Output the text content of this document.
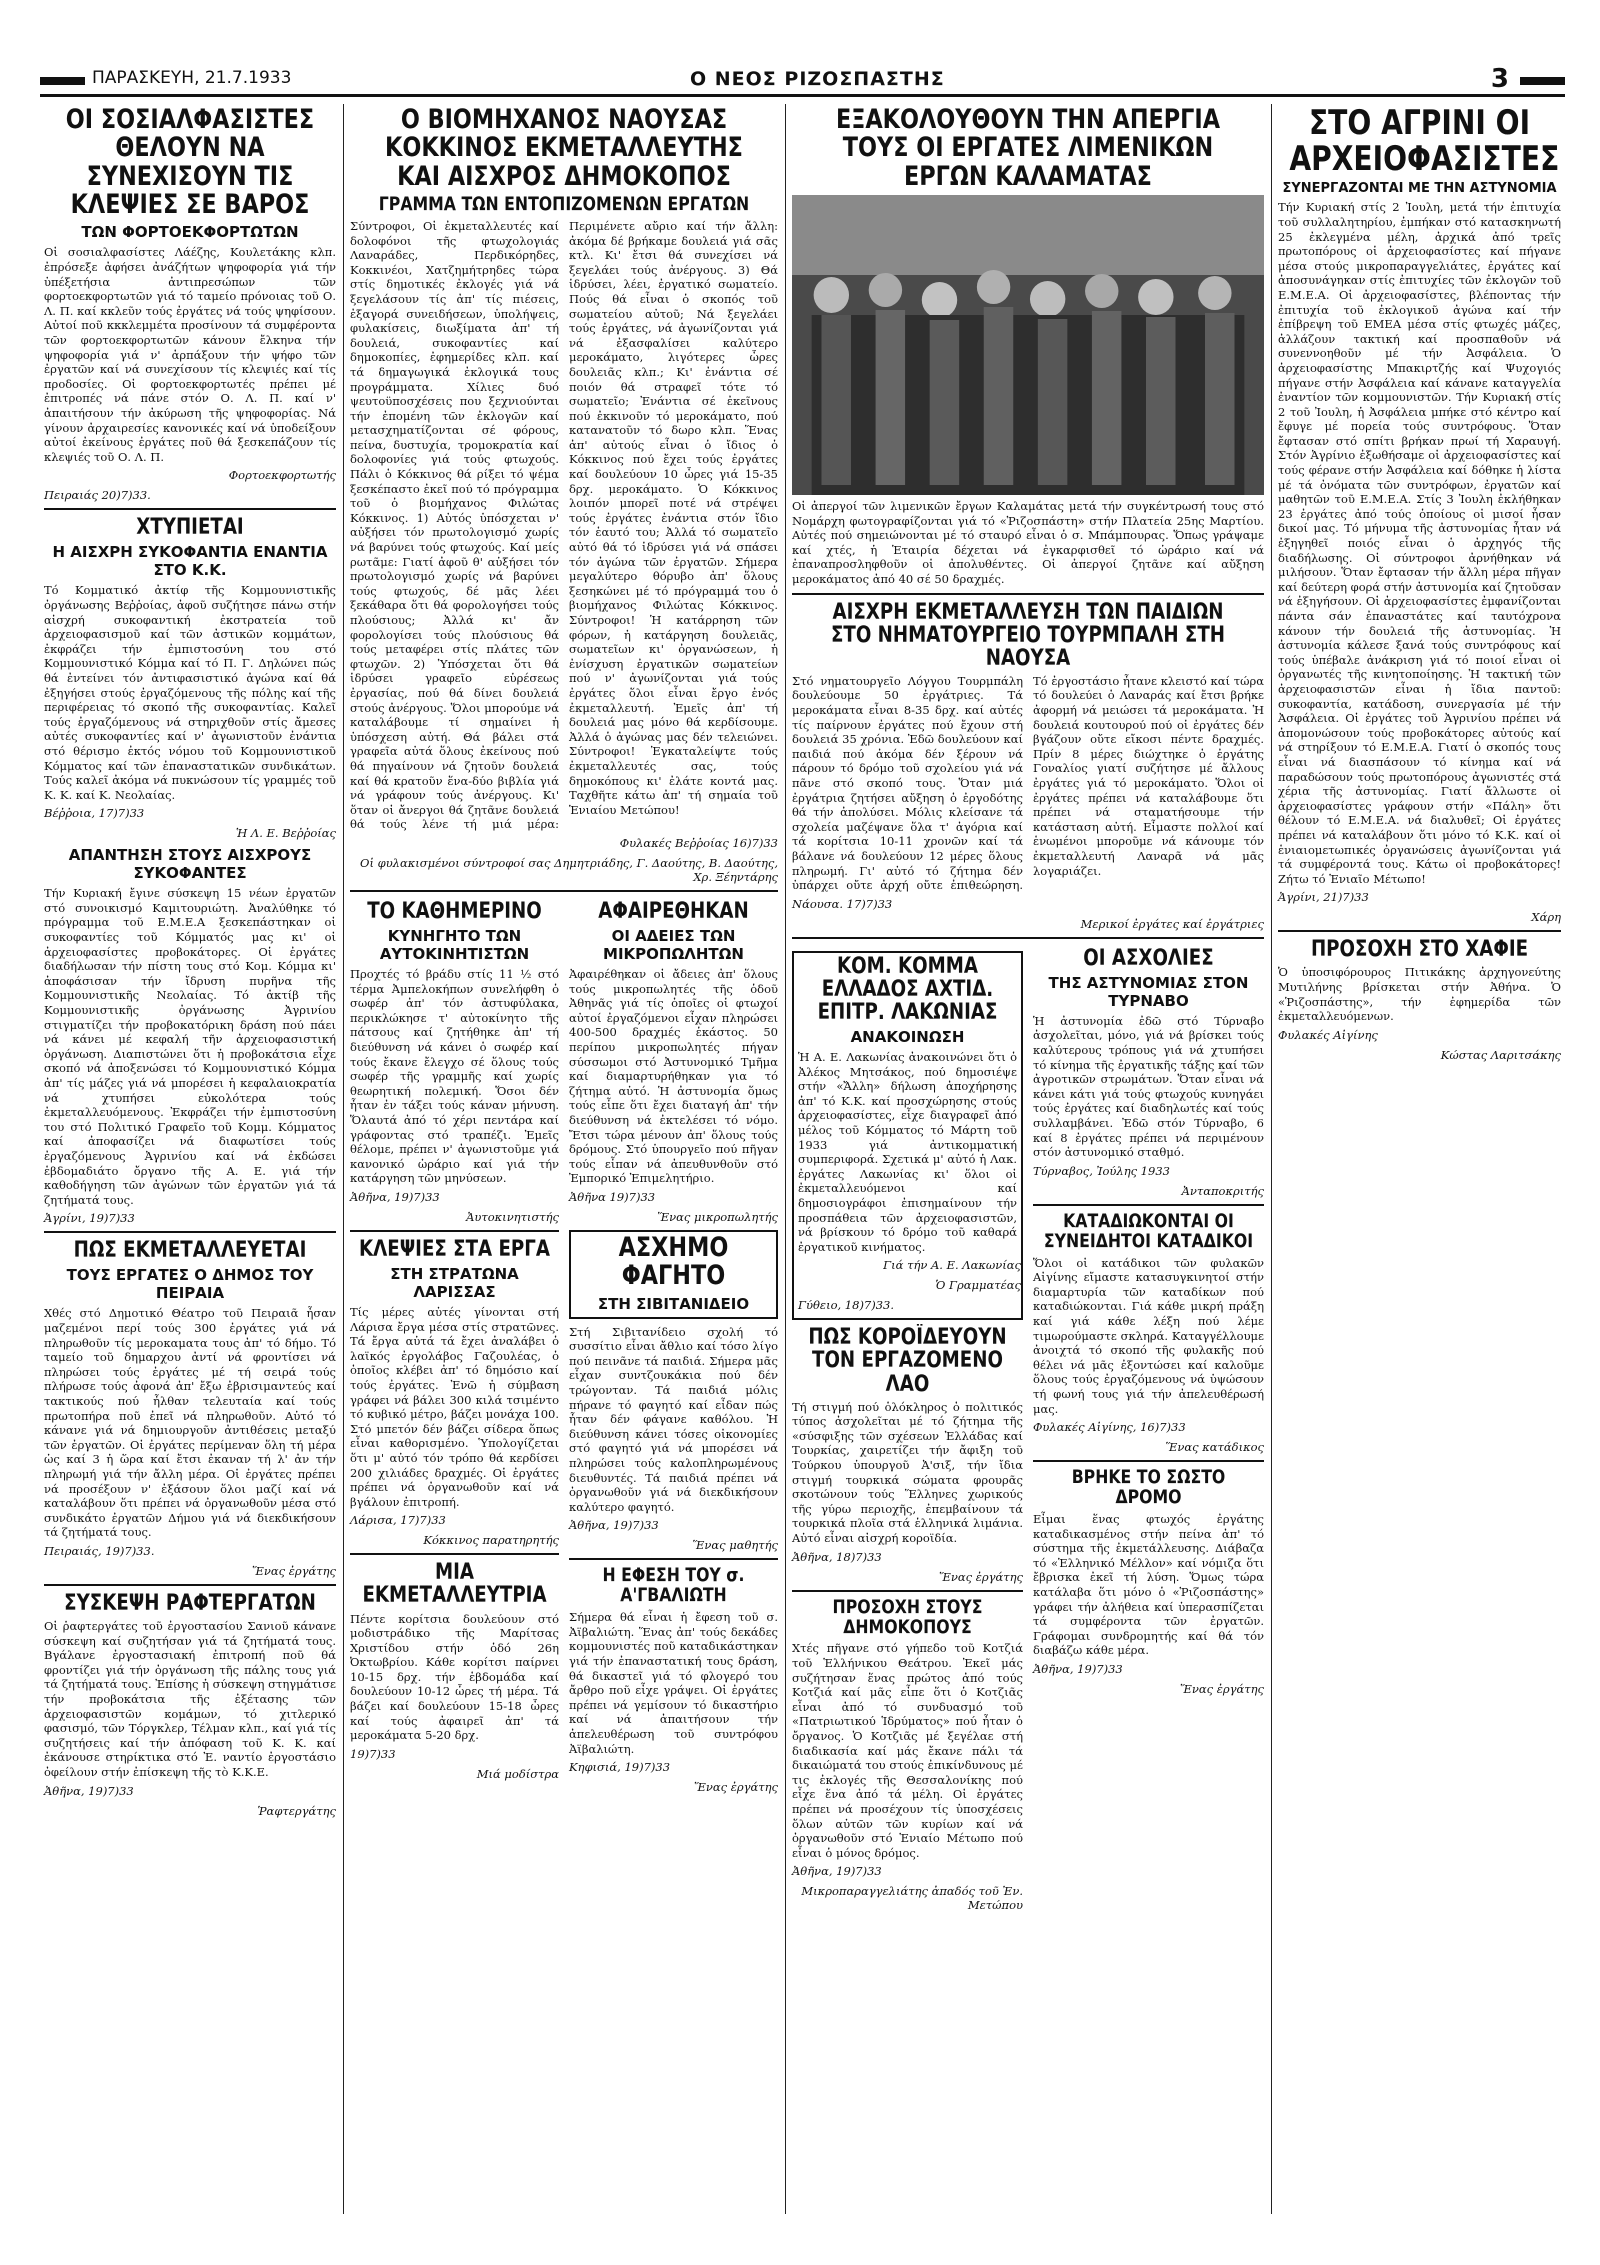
ΠΑΡΑΣΚΕΥΗ, 21.7.1933	Ο ΝΕΟΣ ΡΙΖΟΣΠΑΣΤΗΣ	3
ΟΙ ΣΟΣΙΑΛΦΑΣΙΣΤΕΣ ΘΕΛΟΥΝ ΝΑ ΣΥΝΕΧΙΣΟΥΝ ΤΙΣ ΚΛΕΨΙΕΣ ΣΕ ΒΑΡΟΣ
ΤΩΝ ΦΟΡΤΟΕΚΦΟΡΤΩΤΩΝ

Οἱ σοσιαλφασίστες Λάέζης, Κουλετάκης κλπ. ἐπρόσεξε ἀφήσει ἀνάζήτων ψηφοφορία γιά τήν ὑπέξετήσια ἀντιπρεσώπων τῶν φορτοεκφορτωτῶν γιά τό ταμείο πρόνοιας τοῦ Ο. Λ. Π. καί κκλεῦν τούς ἐργάτες νά τούς ψηφίσουν. Αὐτοί ποῦ κκκλεμμέτα προσίνουν τά συμφέροντα τῶν φορτοεκφορτωτῶν κάνουν ἔλκηνα τήν ψηφοφορία γιά ν' ἁρπάξουν τήν ψήφο τῶν ἐργατῶν καί νά συνεχίσουν τίς κλεψιές καί τίς προδοσίες. Οἱ φορτοεκφορτωτές πρέπει μέ ἐπιτροπές νά πάνε στόν Ο. Λ. Π. καί ν' ἀπαιτήσουν τήν ἀκύρωση τῆς ψηφοφορίας. Νά γίνουν ἀρχαιρεσίες κανονικές καί νά ὑποδείξουν αὐτοί ἐκείνους ἐργάτες ποῦ θά ξεσκεπάζουν τίς κλεψιές τοῦ Ο. Λ. Π.

Φορτοεκφορτωτής

Πειραιάς 20)7)33.

ΧΤΥΠΙΕΤΑΙ
Η ΑΙΣΧΡΗ ΣΥΚΟΦΑΝΤΙΑ ΕΝΑΝΤΙΑ ΣΤΟ Κ.Κ.

Τό Κομματικό ἀκτίφ τῆς Κομμουνιστικῆς ὀργάνωσης Βεῤῥοίας, ἀφοῦ συζήτησε πάνω στήν αἰσχρή συκοφαντική ἐκστρατεία τοῦ ἀρχειοφασισμοῦ καί τῶν ἀστικῶν κομμάτων, ἐκφράζει τήν ἐμπιστοσύνη του στό Κομμουνιστικό Κόμμα καί τό Π. Γ. Δηλώνει πώς θά ἐντείνει τόν ἀντιφασιστικό ἀγώνα καί θά ἐξηγήσει στούς ἐργαζόμενους τῆς πόλης καί τῆς περιφέρειας τό σκοπό τῆς συκοφαντίας. Καλεῖ τούς ἐργαζόμενους νά στηριχθοῦν στίς ἄμεσες αὐτές συκοφαντίες καί ν' ἀγωνιστοῦν ἐνάντια στό θέρισμο ἐκτός νόμου τοῦ Κομμουνιστικοῦ Κόμματος καί τῶν ἐπαναστατικῶν συνδικάτων. Τούς καλεῖ ἀκόμα νά πυκνώσουν τίς γραμμές τοῦ Κ. Κ. καί Κ. Νεολαίας.

Βέῤῥοια, 17)7)33

Ἡ Λ. Ε. Βεῤῥοίας

ΑΠΑΝΤΗΣΗ ΣΤΟΥΣ ΑΙΣΧΡΟΥΣ ΣΥΚΟΦΑΝΤΕΣ

Τήν Κυριακή ἔγινε σύσκεψη 15 νέων ἐργατῶν στό συνοικισμό Καμιτουριώτη. Ἀναλύθηκε τό πρόγραμμα τοῦ Ε.Μ.Ε.Α ξεσκεπάστηκαν οἱ συκοφαντίες τοῦ Κόμματός μας κι' οἱ ἀρχειοφασίστες προβοκάτορες. Οἱ ἐργάτες διαδήλωσαν τήν πίστη τους στό Κομ. Κόμμα κι' ἀποφάσισαν τήν ἴδρυση πυρῆνα τῆς Κομμουνιστικῆς Νεολαίας. Τό ἀκτίβ τῆς Κομμουνιστικῆς ὀργάνωσης Ἀγρινίου στιγματίζει τήν προβοκατόρικη δράση πού πάει νά κάνει μέ κεφαλή τῆν ἀρχειοφασιστική ὀργάνωση. Διαπιστώνει ὅτι ἡ προβοκάτσια εἶχε σκοπό νά ἀποξενώσει τό Κομμουνιστικό Κόμμα ἀπ' τίς μάζες γιά νά μπορέσει ἡ κεφαλαιοκρατία νά χτυπήσει εὐκολότερα τούς ἐκμεταλλευόμενους. Ἐκφράζει τήν ἐμπιστοσύνη του στό Πολιτικό Γραφεῖο τοῦ Κομμ. Κόμματος καί ἀποφασίζει νά διαφωτίσει τούς ἐργαζόμενους Ἀγρινίου καί νά ἐκδώσει ἑβδομαδιάτο ὄργανο τῆς Α. Ε. γιά τήν καθοδήγηση τῶν ἀγώνων τῶν ἐργατῶν γιά τά ζητήματά τους.

Ἀγρίνι, 19)7)33

ΠΩΣ ΕΚΜΕΤΑΛΛΕΥΕΤΑΙ
ΤΟΥΣ ΕΡΓΑΤΕΣ Ο ΔΗΜΟΣ ΤΟΥ ΠΕΙΡΑΙΑ

Χθές στό Δημοτικό Θέατρο τοῦ Πειραιᾶ ἦσαν μαζεμένοι περί τούς 300 ἐργάτες γιά νά πληρωθοῦν τίς μεροκαματα τους ἀπ' τό δήμο. Τό ταμείο τοῦ δημαρχου ἀντί νά φροντίσει νά πληρώσει τούς ἐργάτες μέ τή σειρά τούς πλήρωσε τούς ἀφονά ἀπ' ἔξω ἐβρισιμαντεύς καί τακτικούς πού ἦλθαν τελευταία καί τούς πρωτοπήρα ποῦ ἐπεῖ νά πληρωθοῦν. Αὐτό τό κάνανε γιά νά δημιουργοῦν ἀντιθέσεις μεταξύ τῶν ἐργατῶν. Οἱ ἐργάτες περίμεναν ὅλη τή μέρα ὡς καί 3 ἡ ὥρα καί ἔτσι ἐκαναν τή λ' ἀν τήν πληρωμή γιά τήν ἄλλη μέρα. Οἱ ἐργάτες πρέπει νά προσέξουν ν' ἐξάσουν ὅλοι μαζί καί νά καταλάβουν ὅτι πρέπει νά ὀργανωθοῦν μέσα στό συνδικάτο ἐργατῶν Δήμου γιά νά διεκδικήσουν τά ζητήματά τους.

Πειραιάς, 19)7)33.

Ἕνας ἐργάτης

ΣΥΣΚΕΨΗ ΡΑΦΤΕΡΓΑΤΩΝ

Οἱ ῥαφτεργάτες τοῦ ἐργοστασίου Σανιοῦ κάνανε σύσκεψη καί συζητήσαν γιά τά ζητήματά τους. Βγάλανε ἐργοστασιακή ἐπιτροπή ποῦ θά φροντίζει γιά τήν ὀργάνωση τῆς πάλης τους γιά τά ζητήματά τους. Ἐπίσης ἡ σύσκεψη στηγμάτισε τήν προβοκάτσια τῆς ἐξέτασης τῶν ἀρχειοφασιστῶν κομάμων, τό χιτλερικό φασισμό, τῶν Τόργκλερ, Τέλμαν κλπ., καί γιά τίς συζητήσεις καί τήν ἀπόφαση τοῦ Κ. Κ. καί ἐκάνουσε στηρίκτικα στό Ἐ. ναντίο ἐργοστάσιο ὀφείλουν στήν ἐπίσκεψη τῆς τὸ Κ.Κ.Ε.

Ἀθῆνα, 19)7)33

Ῥαφτεργάτης

Ο ΒΙΟΜΗΧΑΝΟΣ ΝΑΟΥΣΑΣ ΚΟΚΚΙΝΟΣ ΕΚΜΕΤΑΛΛΕΥΤΗΣ ΚΑΙ ΑΙΣΧΡΟΣ ΔΗΜΟΚΟΠΟΣ
ΓΡΑΜΜΑ ΤΩΝ ΕΝΤΟΠΙΖΟΜΕΝΩΝ ΕΡΓΑΤΩΝ

Σύντροφοι, Οἱ ἐκμεταλλευτές καί δολοφόνοι τῆς φτωχολογιάς Λαναράδες, Περδικόρηδες, Κοκκινέοι, Χατζημήτρηδες τώρα στίς δημοτικές ἐκλογές γιά νά ξεγελάσουν τίς ἀπ' τίς πιέσεις, ἐξαγορά συνειδήσεων, ὑπολήψεις, φυλακίσεις, διωξίματα ἀπ' τή δουλειά, συκοφαντίες καί δημοκοπίες, ἐφημερίδες κλπ. καί τά δημαγωγικά ἐκλογικά τους προγράμματα. Χίλιες δυό ψευτοϋποσχέσεις που ξεχνιούνται τήν ἐπομένη τῶν ἐκλογῶν καί μετασχηματίζονται σέ φόρους, πείνα, δυστυχία, τρομοκρατία καί δολοφονίες γιά τούς φτωχούς. Πάλι ὁ Κόκκινος θά ρίξει τό ψέμα ξεσκέπαστο ἐκεῖ πού τό πρόγραμμα τοῦ ὁ βιομήχανος Φιλώτας Κόκκινος. 1) Αὐτός ὑπόσχεται ν' αὐξήσει τόν πρωτολογισμό χωρίς νά βαρύνει τούς φτωχούς. Καί μείς ρωτᾶμε: Γιατί ἀφοῦ θ' αὐξήσει τόν πρωτολογισμό χωρίς νά βαρύνει τούς φτωχούς, δέ μᾶς λέει ξεκάθαρα ὅτι θά φορολογήσει τούς πλούσιους; Ἀλλά κι' ἄν φορολογίσει τούς πλούσιους θά τούς μεταφέρει στίς πλάτες τῶν φτωχῶν. 2) Ὑπόσχεται ὅτι θά ἱδρύσει γραφεῖο εὑρέσεως ἐργασίας, πού θά δίνει δουλειά στούς ἀνέργους. Ὅλοι μπορούμε νά καταλάβουμε τί σημαίνει ἡ ὑπόσχεση αὐτή. Θά βάλει στά γραφεῖα αὐτά ὅλους ἐκείνους πού θά πηγαίνουν νά ζητοῦν δουλειά καί θά κρατοῦν ἕνα-δύο βιβλία γιά νά γράφουν τούς ἀνέργους. Κι' ὅταν οἱ ἄνεργοι θά ζητᾶνε δουλειά θά τούς λένε τή μιά μέρα: Περιμένετε αὔριο καί τήν ἄλλη: ἀκόμα δέ βρήκαμε δουλειά γιά σᾶς κτλ. Κι' ἔτσι θά συνεχίσει νά ξεγελάει τούς ἀνέργους. 3) Θά ἱδρύσει, λέει, ἐργατικό σωματείο. Πούς θά εἶναι ὁ σκοπός τοῦ σωματείου αὐτοῦ; Νά ξεγελάει τούς ἐργάτες, νά ἀγωνίζονται γιά νά ἐξασφαλίσει καλύτερο μεροκάματο, λιγότερες ὧρες δουλειᾶς κλπ.; Κι' ἐνάντια σέ ποιόν θά στραφεῖ τότε τό σωματεῖο; Ἐνάντια σέ ἐκεῖνους πού ἐκκινοῦν τό μεροκάματο, πού κατανατοῦν τό δωρο κλπ. Ἕνας ἀπ' αὐτούς εἶναι ὁ ἴδιος ὁ Κόκκινος πού ἔχει τούς ἐργάτες καί δουλεύουν 10 ὧρες γιά 15-35 δρχ. μεροκάματο. Ὁ Κόκκινος λοιπόν μπορεῖ ποτέ νά στρέψει τούς ἐργάτες ἐνάντια στόν ἴδιο τόν ἑαυτό του; Ἀλλά τό σωματεῖο αὐτό θά τό ἱδρύσει γιά νά σπάσει τόν ἀγώνα τῶν ἐργατῶν. Σήμερα μεγαλύτερο θόρυβο ἀπ' ὅλους ξεσηκώνει μέ τό πρόγραμμά του ὁ βιομήχανος Φιλώτας Κόκκινος. Σύντροφοι! Ἡ κατάρρηση τῶν φόρων, ἡ κατάργηση δουλειᾶς, σωματεῖων κι' ὀργανώσεων, ἡ ἐνίσχυση ἐργατικῶν σωματείων πού ν' ἀγωνίζονται γιά τούς ἐργάτες ὅλοι εἶναι ἔργο ἐνός ἐκμεταλλευτή. Ἐμεῖς ἀπ' τή δουλειά μας μόνο θά κερδίσουμε. Ἀλλά ὁ ἀγώνας μας δέν τελειώνει. Σύντροφοι! Ἐγκαταλείψτε τούς ἐκμεταλλευτές σας, τούς δημοκόπους κι' ἐλάτε κοντά μας. Ταχθῆτε κάτω ἀπ' τή σημαία τοῦ Ἑνιαίου Μετώπου!

Φυλακές Βεῤῥοίας 16)7)33

Οἱ φυλακισμένοι σύντροφοί σας Δημητριάδης, Γ. Δαούτης, Β. Δαούτης, Χρ. Ξέηντάρης

ΤΟ ΚΑΘΗΜΕΡΙΝΟ
ΚΥΝΗΓΗΤΟ ΤΩΝ ΑΥΤΟΚΙΝΗΤΙΣΤΩΝ

Προχτές τό βράδυ στίς 11 ½ στό τέρμα Ἀμπελοκήπων συνελήφθη ὁ σωφέρ ἀπ' τόν ἀστυφύλακα, περικλώκησε τ' αὐτοκίνητο τῆς πάτσους καί ζητήθηκε ἀπ' τή διεύθυνση νά κάνει ὁ σωφέρ καί τούς ἔκανε ἔλεγχο σέ ὅλους τούς σωφέρ τῆς γραμμῆς καί χωρίς θεωρητική πολεμική. Ὅσοι δέν ἦταν ἐν τάξει τούς κάναν μήνυση. Ὅλαυτά ἀπό τό χέρι πεντάρα καί γράφοντας στό τραπέζι. Ἐμεῖς θέλομε, πρέπει ν' ἀγωνιστοῦμε γιά κανονικό ὡράριο καί γιά τήν κατάργηση τῶν μηνύσεων.

Ἀθῆνα, 19)7)33

Ἀυτοκινητιστής

ΚΛΕΨΙΕΣ ΣΤΑ ΕΡΓΑ
ΣΤΗ ΣΤΡΑΤΩΝΑ ΛΑΡΙΣΣΑΣ

Τίς μέρες αὐτές γίνονται στή Λάρισα ἔργα μέσα στίς στρατῶνες. Τά ἔργα αὐτά τά ἔχει ἀναλάβει ὁ λαϊκός ἐργολάβος Γαζουλέας, ὁ ὁποῖος κλέβει ἀπ' τό δημόσιο καί τούς ἐργάτες. Ἐνῶ ἡ σύμβαση γράφει νά βάλει 300 κιλά τσιμέντο τό κυβικό μέτρο, βάζει μονάχα 100. Στό μπετόν δέν βάζει σίδερα ὅπως εἶναι καθορισμένο. Ὑπολογίζεται ὅτι μ' αὐτό τόν τρόπο θά κερδίσει 200 χιλιάδες δραχμές. Οἱ ἐργάτες πρέπει νά ὀργανωθοῦν καί νά βγάλουν ἐπιτροπή.

Λάρισα, 17)7)33

Κόκκινος παρατηρητής

ΜΙΑ ΕΚΜΕΤΑΛΛΕΥΤΡΙΑ

Πέντε κορίτσια δουλεύουν στό μοδιστράδικο τῆς Μαρίτσας Χριστίδου στήν ὁδό 26η Ὀκτωβρίου. Κάθε κορίτσι παίρνει 10-15 δρχ. τήν ἑβδομάδα καί δουλεύουν 10-12 ὧρες τή μέρα. Τά βάζει καί δουλεύουν 15-18 ὧρες καί τούς ἀφαιρεῖ ἀπ' τά μεροκάματα 5-20 δρχ.

19)7)33

Μιά μοδίστρα

ΑΦΑΙΡΕΘΗΚΑΝ
ΟΙ ΑΔΕΙΕΣ ΤΩΝ ΜΙΚΡΟΠΩΛΗΤΩΝ

Ἀφαιρέθηκαν οἱ ἄδειες ἀπ' ὅλους τούς μικροπωλητές τῆς ὁδοῦ Ἀθηνᾶς γιά τίς ὁποῖες οἱ φτωχοί αὐτοί ἐργαζόμενοι εἶχαν πληρώσει 400-500 δραχμές ἑκάστος. 50 περίπου μικροπωλητές πήγαν σύσσωμοι στό Ἀστυνομικό Τμῆμα καί διαμαρτυρήθηκαν για τό ζήτημα αὐτό. Ἡ ἀστυνομία ὅμως τούς εἶπε ὅτι ἔχει διαταγή ἀπ' τήν διεύθυνση νά ἐκτελέσει τό νόμο. Ἔτσι τώρα μένουν ἀπ' ὅλους τούς δρόμους. Στό ὑπουργεῖο πού πῆγαν τούς εἶπαν νά ἀπευθυνθοῦν στό Ἐμπορικό Ἐπιμελητήριο.

Ἀθῆνα 19)7)33

Ἕνας μικροπωλητής

ΑΣΧΗΜΟ ΦΑΓΗΤΟ
ΣΤΗ ΣΙΒΙΤΑΝΙΔΕΙΟ

Στή Σιβιτανίδειο σχολή τό συσσίτιο εἶναι ἄθλιο καί τόσο λίγο πού πεινᾶνε τά παιδιά. Σήμερα μᾶς εἶχαν συντζουκάκια πού δέν τρώγονταν. Τά παιδιά μόλις πήρανε τό φαγητό καί εἶδαν πώς ἦταν δέν φάγανε καθόλου. Ἡ διεύθυνση κάνει τόσες οἰκονομίες στό φαγητό γιά νά μπορέσει νά πληρώσει τούς καλοπληρωμένους διευθυντές. Τά παιδιά πρέπει νά ὀργανωθοῦν γιά νά διεκδικήσουν καλύτερο φαγητό.

Ἀθῆνα, 19)7)33

Ἕνας μαθητής

Η ΕΦΕΣΗ ΤΟΥ σ. Α'ΓΒΑΛΙΩΤΗ

Σήμερα θά εἶναι ἡ ἔφεση τοῦ σ. Ἀϊβαλιώτη. Ἕνας ἀπ' τούς δεκάδες κομμουνιστές ποῦ καταδικάστηκαν γιά τήν ἐπαναστατική τους δράση, θά δικαστεῖ γιά τό φλογερό του ἄρθρο ποῦ εἶχε γράψει. Οἱ ἐργάτες πρέπει νά γεμίσουν τό δικαστήριο καί νά ἀπαιτήσουν τήν ἀπελευθέρωση τοῦ συντρόφου Ἀϊβαλιώτη.

Κηφισιά, 19)7)33

Ἕνας ἐργάτης

ΕΞΑΚΟΛΟΥΘΟΥΝ ΤΗΝ ΑΠΕΡΓΙΑ ΤΟΥΣ ΟΙ ΕΡΓΑΤΕΣ ΛΙΜΕΝΙΚΩΝ ΕΡΓΩΝ ΚΑΛΑΜΑΤΑΣ

Οἱ ἀπεργοί τῶν λιμενικῶν ἔργων Καλαμάτας μετά τήν συγκέντρωσή τους στό Νομάρχη φωτογραφίζονται γιά τό «Ῥιζοσπάστη» στήν Πλατεία 25ης Μαρτίου. Αὐτές πού σημειώνονται μέ τό σταυρό εἶναι ὁ σ. Μπάμπουρας. Ὅπως γράψαμε καί χτές, ἡ Ἑταιρία δέχεται νά ἐγκαρφισθεῖ τό ὡράριο καί νά ἐπαναπροσληφθοῦν οἱ ἀπολυθέντες. Οἱ ἀπεργοί ζητᾶνε καί αὔξηση μεροκάματος ἀπό 40 σέ 50 δραχμές.

ΑΙΣΧΡΗ ΕΚΜΕΤΑΛΛΕΥΣΗ ΤΩΝ ΠΑΙΔΙΩΝ ΣΤΟ ΝΗΜΑΤΟΥΡΓΕΙΟ ΤΟΥΡΜΠΑΛΗ ΣΤΗ ΝΑΟΥΣΑ

Στό νηματουργεῖο Λόγγου Τουρμπάλη δουλεύουμε 50 ἐργάτριες. Τά μεροκάματα εἶναι 8-35 δρχ. καί αὐτές τίς παίρνουν ἐργάτες πού ἔχουν στή δουλειά 35 χρόνια. Ἐδῶ δουλεύουν καί παιδιά πού ἀκόμα δέν ξέρουν νά πάρουν τό δρόμο τοῦ σχολείου γιά νά πᾶνε στό σκοπό τους. Ὅταν μιά ἐργάτρια ζητήσει αὔξηση ὁ ἐργοδότης θά τήν ἀπολύσει. Μόλις κλείσανε τά σχολεία μαζέψανε ὅλα τ' ἀγόρια καί τά κορίτσια 10-11 χρονῶν καί τά βάλανε νά δουλεύουν 12 μέρες ὅλους πληρωμή. Γι' αὐτό τό ζήτημα δέν ὑπάρχει οὔτε ἀρχή οὔτε ἐπιθεώρηση. Τό ἐργοστάσιο ἦτανε κλειστό καί τώρα τό δουλεύει ὁ Λαναράς καί ἔτσι βρήκε ἀφορμή νά μειώσει τά μεροκάματα. Ἡ δουλειά κουτουρού πού οἱ ἐργάτες δέν βγάζουν οὔτε εἴκοσι πέντε δραχμές. Πρίν 8 μέρες διώχτηκε ὁ ἐργάτης Γοναλίος γιατί συζήτησε μέ ἄλλους ἐργάτες γιά τό μεροκάματο. Ὅλοι οἱ ἐργάτες πρέπει νά καταλάβουμε ὅτι πρέπει νά σταματήσουμε τήν κατάσταση αὐτή. Εἶμαστε πολλοί καί ἑνωμένοι μποροῦμε νά κάνουμε τόν ἐκμεταλλευτή Λαναρᾶ νά μᾶς λογαριάζει.

Νάουσα. 17)7)33

Μερικοί ἐργάτες καί ἐργάτριες

ΚΟΜ. ΚΟΜΜΑ ΕΛΛΑΔΟΣ ΑΧΤΙΔ. ΕΠΙΤΡ. ΛΑΚΩΝΙΑΣ
ΑΝΑΚΟΙΝΩΣΗ

Ἡ Α. Ε. Λακωνίας ἀνακοινώνει ὅτι ὁ Ἀλέκος Μητσάκος, πού δημοσιέψε στήν «Ἄλλη» δήλωση ἀποχήρησης ἀπ' τό Κ.Κ. καί προσχώρησης στούς ἀρχειοφασίστες, εἶχε διαγραφεῖ ἀπό μέλος τοῦ Κόμματος τό Μάρτη τοῦ 1933 γιά ἀντικομματική συμπεριφορά. Σχετικά μ' αὐτό ἡ Λακ. ἐργάτες Λακωνίας κι' ὅλοι οἱ ἐκμεταλλευόμενοι καί δημοσιογράφοι ἐπισημαίνουν τήν προσπάθεια τῶν ἀρχειοφασιστῶν, νά βρίσκουν τό δρόμο τοῦ καθαρά ἐργατικοῦ κινήματος.

Γιά τήν Α. Ε. Λακωνίας

Ὁ Γραμματέας

Γύθειο, 18)7)33.

ΠΩΣ ΚΟΡΟΪΔΕΥΟΥΝ ΤΟΝ ΕΡΓΑΖΟΜΕΝΟ ΛΑΟ

Τή στιγμή πού ὁλόκληρος ὁ πολιτικός τύπος ἀσχολεῖται μέ τό ζήτημα τῆς «σύσφιξης τῶν σχέσεων Ἑλλάδας καί Τουρκίας, χαιρετίζει τήν ἄφιξη τοῦ Τούρκου ὑπουργοῦ Ἀ'σιξ, τήν ἴδια στιγμή τουρκικά σώματα φρουρᾶς σκοτώνουν τούς Ἕλληνες χωρικούς τῆς γύρω περιοχῆς, ἐπεμβαίνουν τά τουρκικά πλοῖα στά ἑλληνικά λιμάνια. Αὐτό εἶναι αἰσχρή κοροϊδία.

Ἀθῆνα, 18)7)33

Ἕνας ἐργάτης

ΠΡΟΣΟΧΗ ΣΤΟΥΣ ΔΗΜΟΚΟΠΟΥΣ

Χτές πῆγανε στό γήπεδο τοῦ Κοτζιά τοῦ Ἑλλήνικου Θεάτρου. Ἐκεῖ μάς συζήτησαν ἕνας πρώτος ἀπό τούς Κοτζιά καί μᾶς εἶπε ὅτι ὁ Κοτζιᾶς εἶναι ἀπό τό συνδυασμό τοῦ «Πατριωτικού Ἱδρύματος» πού ἦταν ὁ ὄργανος. Ὁ Κοτζιᾶς μέ ξεγέλαε στή διαδικασία καί μάς ἔκανε πάλι τά δικαιώματά του στούς ἐπικίνδυνους μέ τις ἐκλογές τῆς Θεσσαλονίκης πού εἶχε ἕνα ἀπό τά μέλη. Οἱ ἐργάτες πρέπει νά προσέχουν τίς ὑποσχέσεις ὅλων αὐτῶν τῶν κυρίων καί νά ὀργανωθοῦν στό Ἑνιαίο Μέτωπο πού εἶναι ὁ μόνος δρόμος.

Ἀθῆνα, 19)7)33

Μικροπαραγγελιάτης ἀπαδός τοῦ Ἐν. Μετώπου

ΟΙ ΑΣΧΟΛΙΕΣ
ΤΗΣ ΑΣΤΥΝΟΜΙΑΣ ΣΤΟΝ ΤΥΡΝΑΒΟ

Ἡ ἀστυνομία ἐδῶ στό Τύρναβο ἀσχολεῖται, μόνο, γιά νά βρίσκει τούς καλύτερους τρόπους γιά νά χτυπήσει τό κίνημα τῆς ἐργατικῆς τάξης καί τῶν ἀγροτικῶν στρωμάτων. Ὅταν εἶναι νά κάνει κάτι γιά τούς φτωχούς κυνηγάει τούς ἐργάτες καί διαδηλωτές καί τούς συλλαμβάνει. Ἐδῶ στόν Τύρναβο, 6 καί 8 ἐργάτες πρέπει νά περιμένουν στόν ἀστυνομικό σταθμό.

Τύρναβος, Ἰούλης 1933

Ἀνταποκριτής

ΚΑΤΑΔΙΩΚΟΝΤΑΙ ΟΙ ΣΥΝΕΙΔΗΤΟΙ ΚΑΤΑΔΙΚΟΙ

Ὅλοι οἱ κατάδικοι τῶν φυλακῶν Αἰγίνης εἴμαστε κατασυγκινητοί στήν διαμαρτυρία τῶν καταδίκων πού καταδιώκονται. Γιά κάθε μικρή πράξη καί γιά κάθε λέξη πού λέμε τιμωρούμαστε σκληρά. Καταγγέλλουμε ἀνοιχτά τό σκοπό τῆς φυλακῆς πού θέλει νά μᾶς ἐξοντώσει καί καλοῦμε ὅλους τούς ἐργαζόμενους νά ὑψώσουν τή φωνή τους γιά τήν ἀπελευθέρωσή μας.

Φυλακές Αἰγίνης, 16)7)33

Ἕνας κατάδικος

ΒΡΗΚΕ ΤΟ ΣΩΣΤΟ ΔΡΟΜΟ

Εἶμαι ἕνας φτωχός ἐργάτης καταδικασμένος στήν πείνα ἀπ' τό σύστημα τῆς ἐκμετάλλευσης. Διάβαζα τό «Ἑλληνικό Μέλλον» καί νόμιζα ὅτι ἔβρισκα ἐκεῖ τή λύση. Ὅμως τώρα κατάλαβα ὅτι μόνο ὁ «Ῥιζοσπάστης» γράφει τήν ἀλήθεια καί ὑπερασπίζεται τά συμφέροντα τῶν ἐργατῶν. Γράφομαι συνδρομητής καί θά τόν διαβάζω κάθε μέρα.

Ἀθῆνα, 19)7)33

Ἕνας ἐργάτης

ΣΤΟ ΑΓΡΙΝΙ ΟΙ ΑΡΧΕΙΟΦΑΣΙΣΤΕΣ
ΣΥΝΕΡΓΑΖΟΝΤΑΙ ΜΕ ΤΗΝ ΑΣΤΥΝΟΜΙΑ

Τήν Κυριακή στίς 2 Ἰουλη, μετά τήν ἐπιτυχία τοῦ συλλαλητηρίου, ἐμπήκαν στό κατασκηνωτή 25 ἐκλεγμένα μέλη, ἀρχικά ἀπό τρεῖς πρωτοπόρους οἱ ἀρχειοφασίστες καί πήγανε μέσα στούς μικροπαραγγελιάτες, ἐργάτες καί ἀποσυνάγηκαν στίς ἐπιτυχίες τῶν ἐκλογῶν τοῦ Ε.Μ.Ε.Α. Οἱ ἀρχειοφασίστες, βλέποντας τήν ἐπιτυχία τοῦ ἐκλογικοῦ ἀγώνα καί τήν ἐπίβρεψη τοῦ ΕΜΕΑ μέσα στίς φτωχές μάζες, ἀλλάζουν τακτική καί προσπαθοῦν νά συνεννοηθοῦν μέ τήν Ἀσφάλεια. Ὁ ἀρχειοφασίστης Μπακιρτζής καί Ψυχογιός πήγανε στήν Ἀσφάλεια καί κάνανε καταγγελία ἐναντίον τῶν κομμουνιστῶν. Τήν Κυριακή στίς 2 τοῦ Ἰουλη, ἡ Ἀσφάλεια μπήκε στό κέντρο καί ἔφυγε μέ πορεία τούς συντρόφους. Ὅταν ἔφτασαν στό σπίτι βρήκαν πρωί τή Χαραυγή. Στόν Ἀγρίνιο ἐξωθήσαμε οἱ ἀρχειοφασίστες καί τούς φέρανε στήν Ἀσφάλεια καί δόθηκε ἡ λίστα μέ τά ὀνόματα τῶν συντρόφων, ἐργατῶν καί μαθητῶν τοῦ Ε.Μ.Ε.Α. Στίς 3 Ἰουλη ἐκλήθηκαν 23 ἐργάτες ἀπό τούς ὁποίους οἱ μισοί ἦσαν δικοί μας. Τό μήνυμα τῆς ἀστυνομίας ἦταν νά ἐξηγηθεῖ ποιός εἶναι ὁ ἀρχηγός τῆς διαδήλωσης. Οἱ σύντροφοι ἀρνήθηκαν νά μιλήσουν. Ὅταν ἔφτασαν τήν ἄλλη μέρα πῆγαν καί δεύτερη φορά στήν ἀστυνομία καί ζητοῦσαν νά ἐξηγήσουν. Οἱ ἀρχειοφασίστες ἐμφανίζονται πάντα σάν ἐπαναστάτες καί ταυτόχρονα κάνουν τήν δουλειά τῆς ἀστυνομίας. Ἡ ἀστυνομία κάλεσε ξανά τούς συντρόφους καί τούς ὑπέβαλε ἀνάκριση γιά τό ποιοί εἶναι οἱ ὀργανωτές τῆς κινητοποίησης. Ἡ τακτική τῶν ἀρχειοφασιστῶν εἶναι ἡ ἴδια παντοῦ: συκοφαντία, κατάδοση, συνεργασία μέ τήν Ἀσφάλεια. Οἱ ἐργάτες τοῦ Ἀγρινίου πρέπει νά ἀπομονώσουν τούς προβοκάτορες αὐτούς καί νά στηρίξουν τό Ε.Μ.Ε.Α. Γιατί ὁ σκοπός τους εἶναι νά διασπάσουν τό κίνημα καί νά παραδώσουν τούς πρωτοπόρους ἀγωνιστές στά χέρια τῆς ἀστυνομίας. Γιατί ἄλλωστε οἱ ἀρχειοφασίστες γράφουν στήν «Πάλη» ὅτι θέλουν τό Ε.Μ.Ε.Α. νά διαλυθεῖ; Οἱ ἐργάτες πρέπει νά καταλάβουν ὅτι μόνο τό Κ.Κ. καί οἱ ἑνιαιομετωπικές ὀργανώσεις ἀγωνίζονται γιά τά συμφέροντά τους. Κάτω οἱ προβοκάτορες! Ζήτω τό Ἑνιαῖο Μέτωπο!

Ἀγρίνι, 21)7)33

Χάρη

ΠΡΟΣΟΧΗ ΣΤΟ ΧΑΦΙΕ

Ὁ ὑποσιφόρουρος Πιτικάκης ἀρχηγονεύτης Μυτιλήνης βρίσκεται στήν Ἀθήνα. Ὁ «Ῥιζοσπάστης», τήν ἐφημερίδα τῶν ἐκμεταλλευόμενων.

Φυλακές Αἰγίνης

Κώστας Λαριτσάκης
